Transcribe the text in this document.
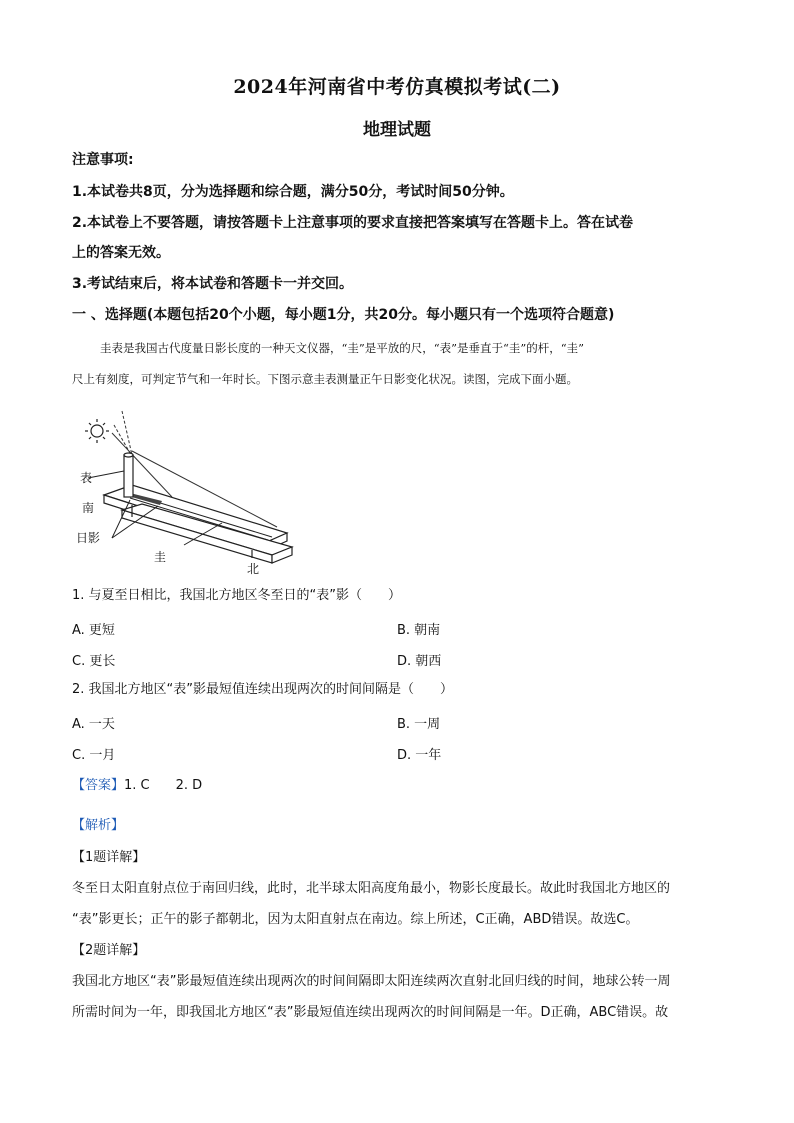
2024年河南省中考仿真模拟考试(二)
地理试题
注意事项:
1.本试卷共8页，分为选择题和综合题，满分50分，考试时间50分钟。
2.本试卷上不要答题，请按答题卡上注意事项的要求直接把答案填写在答题卡上。答在试卷
上的答案无效。
3.考试结束后，将本试卷和答题卡一并交回。
一 、选择题(本题包括20个小题，每小题1分，共20分。每小题只有一个选项符合题意)
圭表是我国古代度量日影长度的一种天文仪器，“圭”是平放的尺，“表”是垂直于“圭”的杆，“圭”
尺上有刻度，可判定节气和一年时长。下图示意圭表测量正午日影变化状况。读图，完成下面小题。
表
南
日影
圭
北
1. 与夏至日相比，我国北方地区冬至日的“表”影（　　）
A. 更短	B. 朝南
C. 更长	D. 朝西
2. 我国北方地区“表”影最短值连续出现两次的时间间隔是（　　）
A. 一天	B. 一周
C. 一月	D. 一年
【答案】1. C　　2. D
【解析】
【1题详解】
冬至日太阳直射点位于南回归线，此时，北半球太阳高度角最小，物影长度最长。故此时我国北方地区的
“表”影更长；正午的影子都朝北，因为太阳直射点在南边。综上所述，C正确，ABD错误。故选C。
【2题详解】
我国北方地区“表”影最短值连续出现两次的时间间隔即太阳连续两次直射北回归线的时间，地球公转一周
所需时间为一年，即我国北方地区“表”影最短值连续出现两次的时间间隔是一年。D正确，ABC错误。故
